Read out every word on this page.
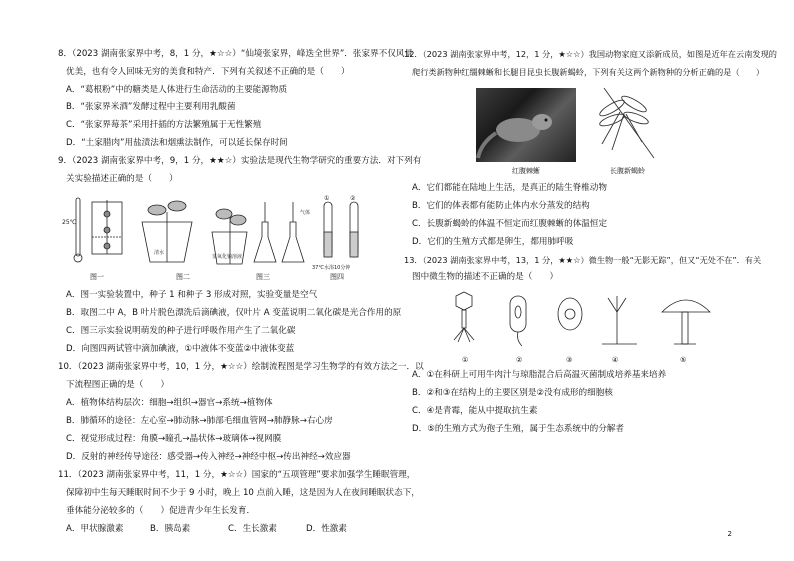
8．（2023 湖南张家界中考，8，1 分，★☆☆）“仙境张家界，峰迭全世界”．张家界不仅风景
优美，也有令人回味无穷的美食和特产．下列有关叙述不正确的是（　　）
A．“葛根粉”中的糖类是人体进行生命活动的主要能源物质
B．“张家界米酒”发酵过程中主要利用乳酸菌
C．“张家界莓茶”采用扦插的方法繁殖属于无性繁殖
D．“土家腊肉”用盐渍法和烟熏法制作，可以延长保存时间
9．（2023 湖南张家界中考，9，1 分，★★☆）实验法是现代生物学研究的重要方法．对下列有
关实验描述正确的是（　　）
25℃
清水
氢氧化钠溶液
气体
①	②
37℃水浴10分钟
图一	图二	图三	图四
A．图一实验装置中，种子 1 和种子 3 形成对照，实验变量是空气
B．取图二中 A，B 叶片脱色漂洗后滴碘液，仅叶片 A 变蓝说明二氧化碳是光合作用的原
C．图三示实验说明萌发的种子进行呼吸作用产生了二氧化碳
D．向图四两试管中滴加碘液，①中液体不变蓝②中液体变蓝
10．（2023 湖南张家界中考，10，1 分，★☆☆）绘制流程图是学习生物学的有效方法之一．以
下流程图正确的是（　　）
A．植物体结构层次：细胞→组织→器官→系统→植物体
B．肺循环的途径：左心室→肺动脉→肺部毛细血管网→肺静脉→右心房
C．视觉形成过程：角膜→瞳孔→晶状体→玻璃体→视网膜
D．反射的神经传导途径：感受器→传入神经→神经中枢→传出神经→效应器
11．（2023 湖南张家界中考，11，1 分，★☆☆）国家的“五项管理”要求加强学生睡眠管理，
保障初中生每天睡眠时间不少于 9 小时，晚上 10 点前入睡，这是因为人在夜间睡眠状态下，
垂体能分泌较多的（　　）促进青少年生长发育．
A．甲状腺激素	B．胰岛素	C．生长激素	D．性激素
12．（2023 湖南张家界中考，12，1 分，★☆☆）我国动物家庭又添新成员，如图是近年在云南发现的
爬行类新物种红缰棘蜥和长腿目昆虫长腹新蝎蛉，下列有关这两个新物种的分析正确的是（　　）
红腹棘蜥	长腹新蝎蛉
A．它们都能在陆地上生活，是真正的陆生脊椎动物
B．它们的体表都有能防止体内水分蒸发的结构
C．长腹新蝎蛉的体温不恒定而红腹棘蜥的体温恒定
D．它们的生殖方式都是卵生，都用肺呼吸
13．（2023 湖南张家界中考，13，1 分，★★☆）微生物一般“无影无踪”，但又“无处不在”．有关
图中微生物的描述不正确的是（　　）
①	②	③	④	⑤
A．①在科研上可用牛肉汁与琼脂混合后高温灭菌制成培养基来培养
B．②和③在结构上的主要区别是②没有成形的细胞核
C．④是青霉，能从中提取抗生素
D．⑤的生殖方式为孢子生殖，属于生态系统中的分解者
2
